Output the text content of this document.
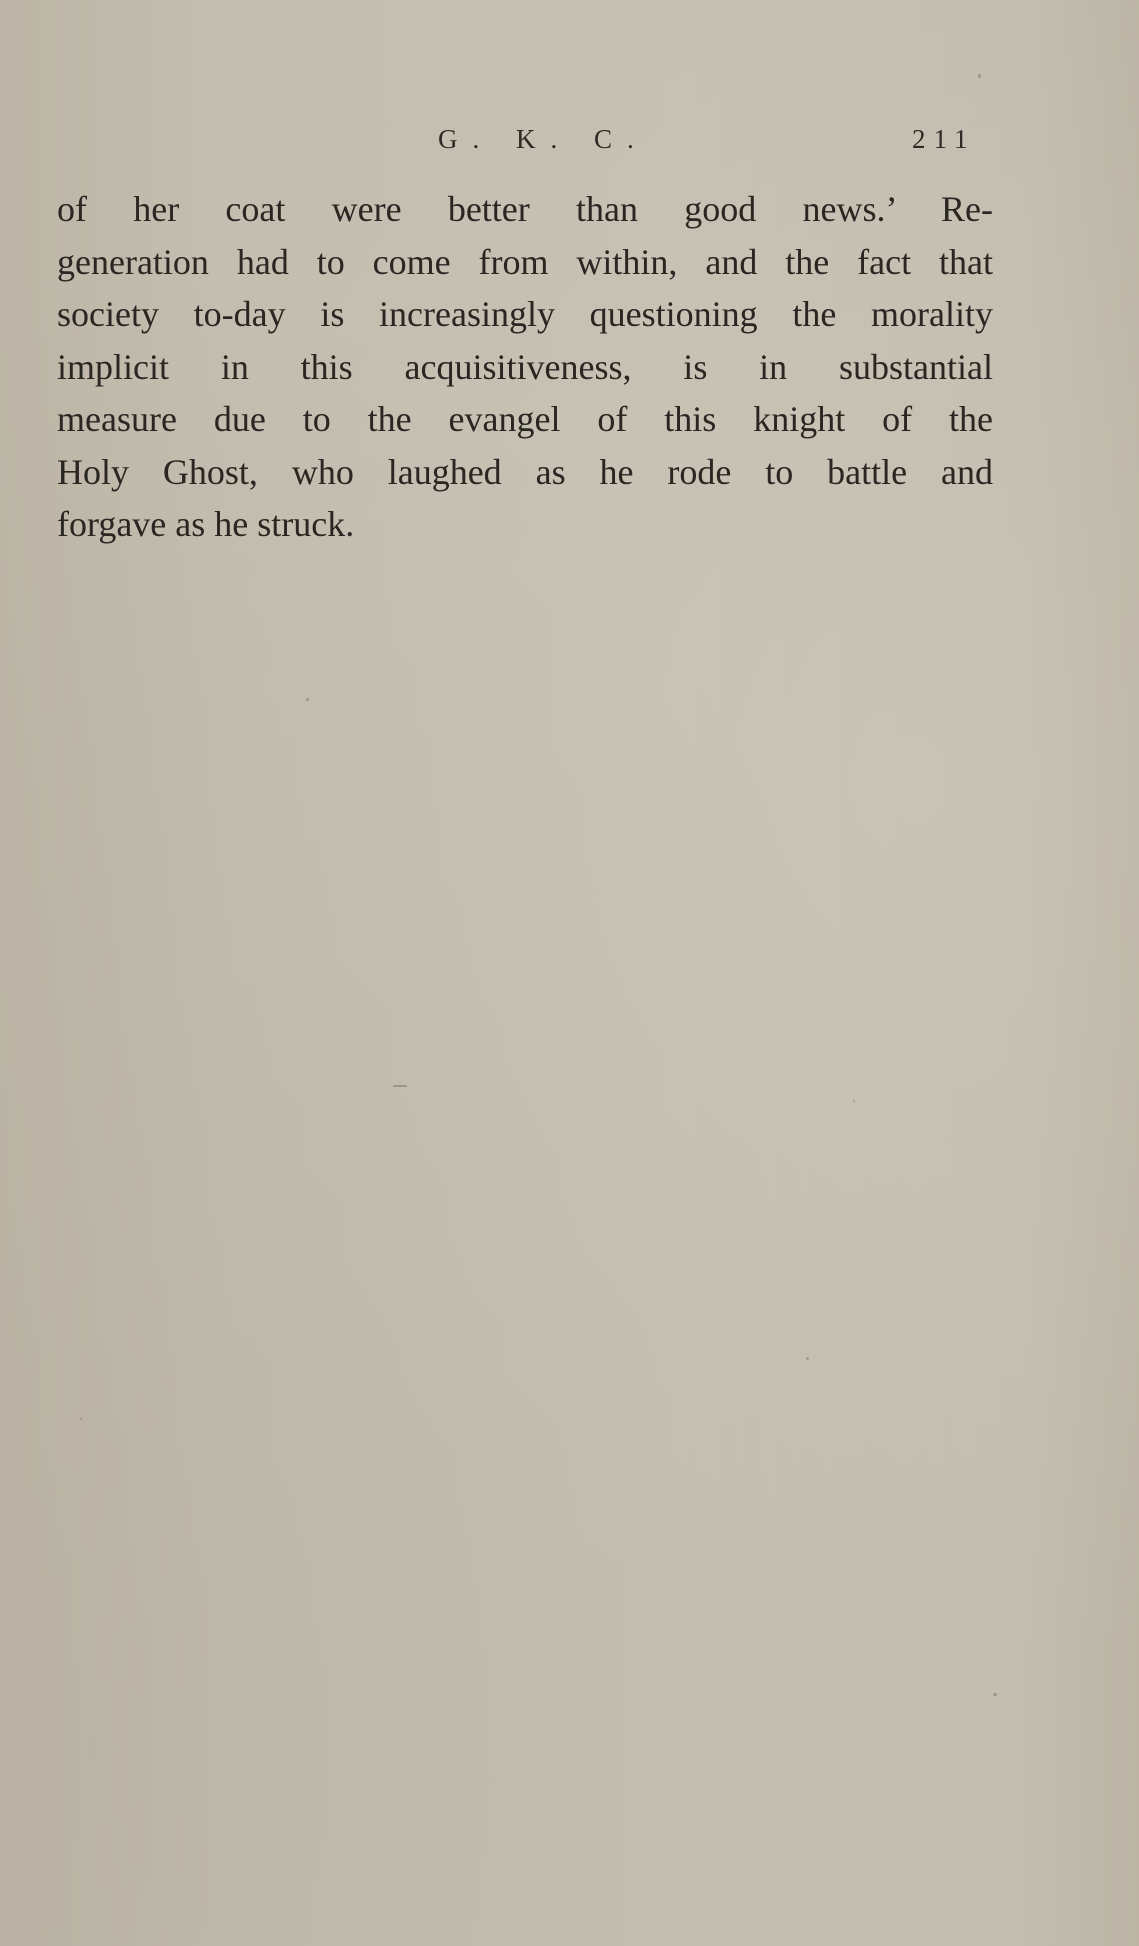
G. K. C.	211
of her coat were better than good news.’ Re-
generation had to come from within, and the fact that
society to-day is increasingly questioning the morality
implicit in this acquisitiveness, is in substantial
measure due to the evangel of this knight of the
Holy Ghost, who laughed as he rode to battle and
forgave as he struck.
